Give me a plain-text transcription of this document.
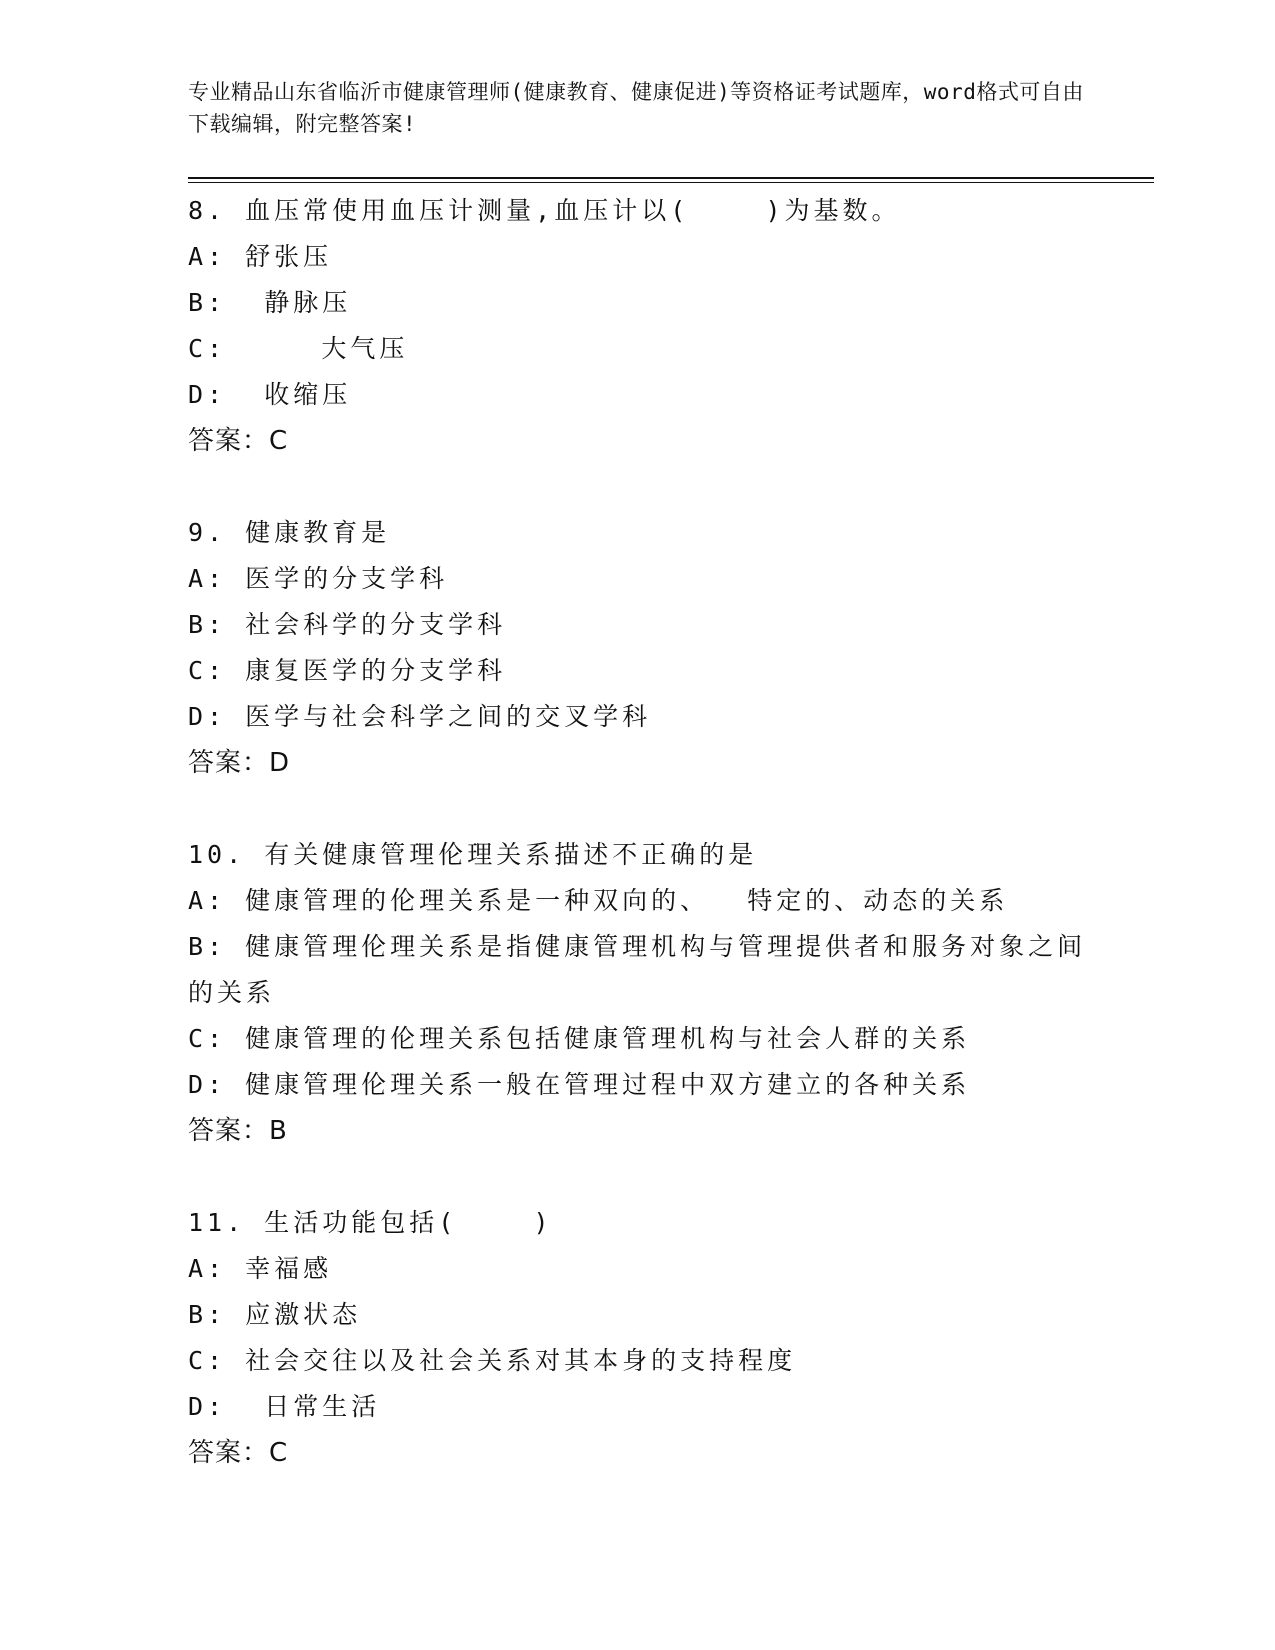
专业精品山东省临沂市健康管理师(健康教育、健康促进)等资格证考试题库，word格式可自由下载编辑，附完整答案!
8. 血压常使用血压计测量,血压计以(    )为基数。
A: 舒张压
B:  静脉压
C:     大气压
D:  收缩压
答案：C
9. 健康教育是
A: 医学的分支学科
B: 社会科学的分支学科
C: 康复医学的分支学科
D: 医学与社会科学之间的交叉学科
答案：D
10. 有关健康管理伦理关系描述不正确的是
A: 健康管理的伦理关系是一种双向的、  特定的、动态的关系
B: 健康管理伦理关系是指健康管理机构与管理提供者和服务对象之间的关系
C: 健康管理的伦理关系包括健康管理机构与社会人群的关系
D: 健康管理伦理关系一般在管理过程中双方建立的各种关系
答案：B
11. 生活功能包括(    )
A: 幸福感
B: 应激状态
C: 社会交往以及社会关系对其本身的支持程度
D:  日常生活
答案：C
